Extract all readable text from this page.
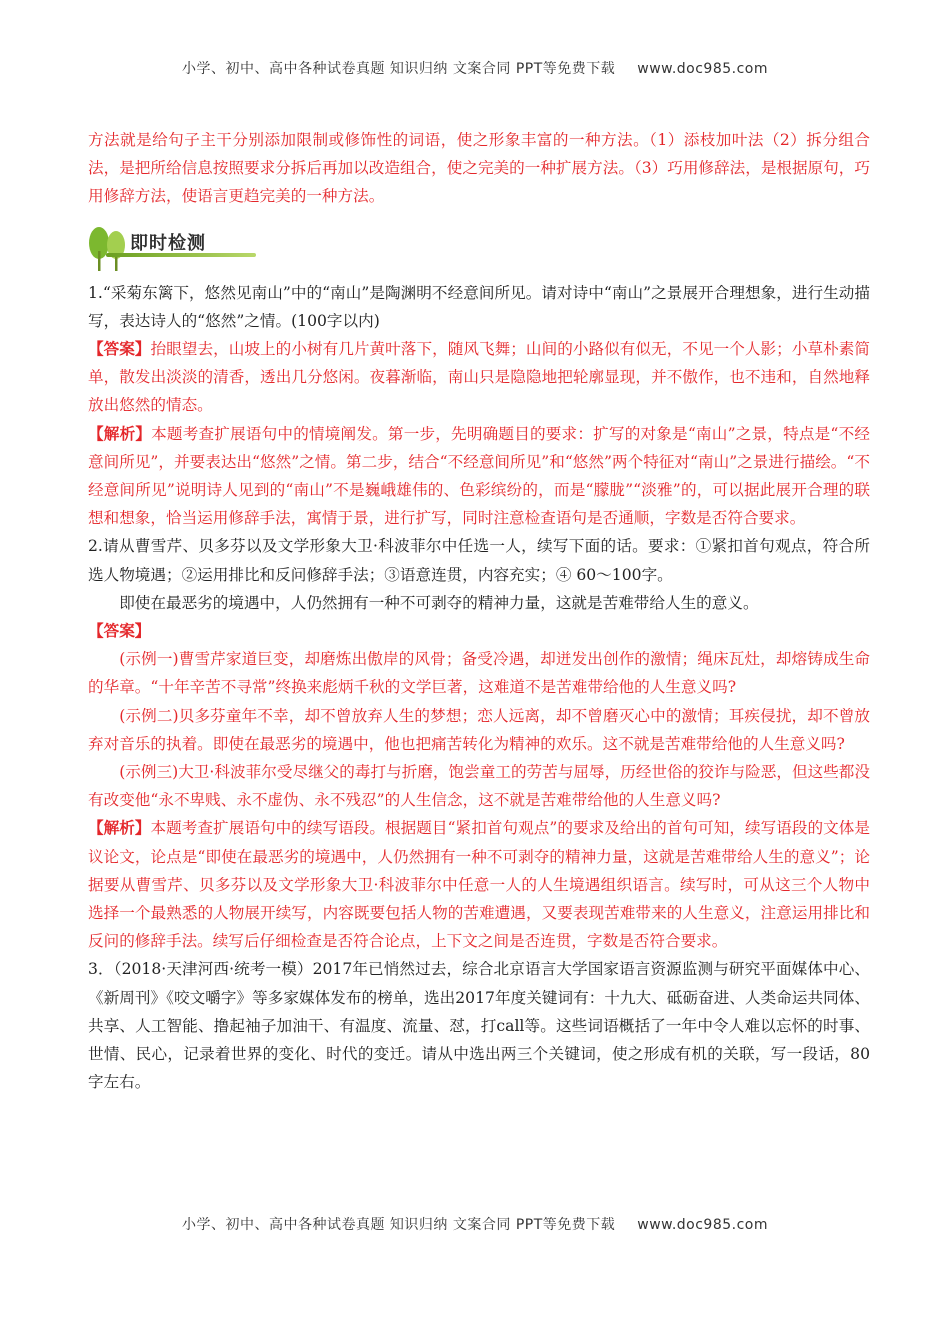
小学、初中、高中各种试卷真题 知识归纳 文案合同 PPT等免费下载 www.doc985.com

方法就是给句子主干分别添加限制或修饰性的词语，使之形象丰富的一种方法。（1）添枝加叶法（2）拆分组合法，是把所给信息按照要求分拆后再加以改造组合，使之完美的一种扩展方法。（3）巧用修辞法，是根据原句，巧用修辞方法，使语言更趋完美的一种方法。

即时检测

1.“采菊东篱下，悠然见南山”中的“南山”是陶渊明不经意间所见。请对诗中“南山”之景展开合理想象，进行生动描写，表达诗人的“悠然”之情。(100字以内)

【答案】抬眼望去，山坡上的小树有几片黄叶落下，随风飞舞；山间的小路似有似无，不见一个人影；小草朴素简单，散发出淡淡的清香，透出几分悠闲。夜暮渐临，南山只是隐隐地把轮廓显现，并不傲作，也不违和，自然地释放出悠然的情态。

【解析】本题考查扩展语句中的情境阐发。第一步，先明确题目的要求：扩写的对象是“南山”之景，特点是“不经意间所见”，并要表达出“悠然”之情。第二步，结合“不经意间所见”和“悠然”两个特征对“南山”之景进行描绘。“不经意间所见”说明诗人见到的“南山”不是巍峨雄伟的、色彩缤纷的，而是“朦胧”“淡雅”的，可以据此展开合理的联想和想象，恰当运用修辞手法，寓情于景，进行扩写，同时注意检查语句是否通顺，字数是否符合要求。

2.请从曹雪芹、贝多芬以及文学形象大卫·科波菲尔中任选一人，续写下面的话。要求：①紧扣首句观点，符合所选人物境遇；②运用排比和反问修辞手法；③语意连贯，内容充实；④ 60～100字。

即使在最恶劣的境遇中，人仍然拥有一种不可剥夺的精神力量，这就是苦难带给人生的意义。

【答案】

(示例一)曹雪芹家道巨变，却磨炼出傲岸的风骨；备受冷遇，却迸发出创作的激情；绳床瓦灶，却熔铸成生命的华章。“十年辛苦不寻常”终换来彪炳千秋的文学巨著，这难道不是苦难带给他的人生意义吗?

(示例二)贝多芬童年不幸，却不曾放弃人生的梦想；恋人远离，却不曾磨灭心中的激情；耳疾侵扰，却不曾放弃对音乐的执着。即使在最恶劣的境遇中，他也把痛苦转化为精神的欢乐。这不就是苦难带给他的人生意义吗?

(示例三)大卫·科波菲尔受尽继父的毒打与折磨，饱尝童工的劳苦与屈辱，历经世俗的狡诈与险恶，但这些都没有改变他“永不卑贱、永不虚伪、永不残忍”的人生信念，这不就是苦难带给他的人生意义吗?

【解析】本题考查扩展语句中的续写语段。根据题目“紧扣首句观点”的要求及给出的首句可知，续写语段的文体是议论文，论点是“即使在最恶劣的境遇中，人仍然拥有一种不可剥夺的精神力量，这就是苦难带给人生的意义”；论据要从曹雪芹、贝多芬以及文学形象大卫·科波菲尔中任意一人的人生境遇组织语言。续写时，可从这三个人物中选择一个最熟悉的人物展开续写，内容既要包括人物的苦难遭遇，又要表现苦难带来的人生意义，注意运用排比和反问的修辞手法。续写后仔细检查是否符合论点，上下文之间是否连贯，字数是否符合要求。

3．（2018·天津河西·统考一模）2017年已悄然过去，综合北京语言大学国家语言资源监测与研究平面媒体中心、《新周刊》《咬文嚼字》等多家媒体发布的榜单，选出2017年度关键词有：十九大、砥砺奋进、人类命运共同体、共享、人工智能、撸起袖子加油干、有温度、流量、怼，打call等。这些词语概括了一年中令人难以忘怀的时事、世情、民心，记录着世界的变化、时代的变迁。请从中选出两三个关键词，使之形成有机的关联，写一段话，80字左右。

小学、初中、高中各种试卷真题 知识归纳 文案合同 PPT等免费下载 www.doc985.com
